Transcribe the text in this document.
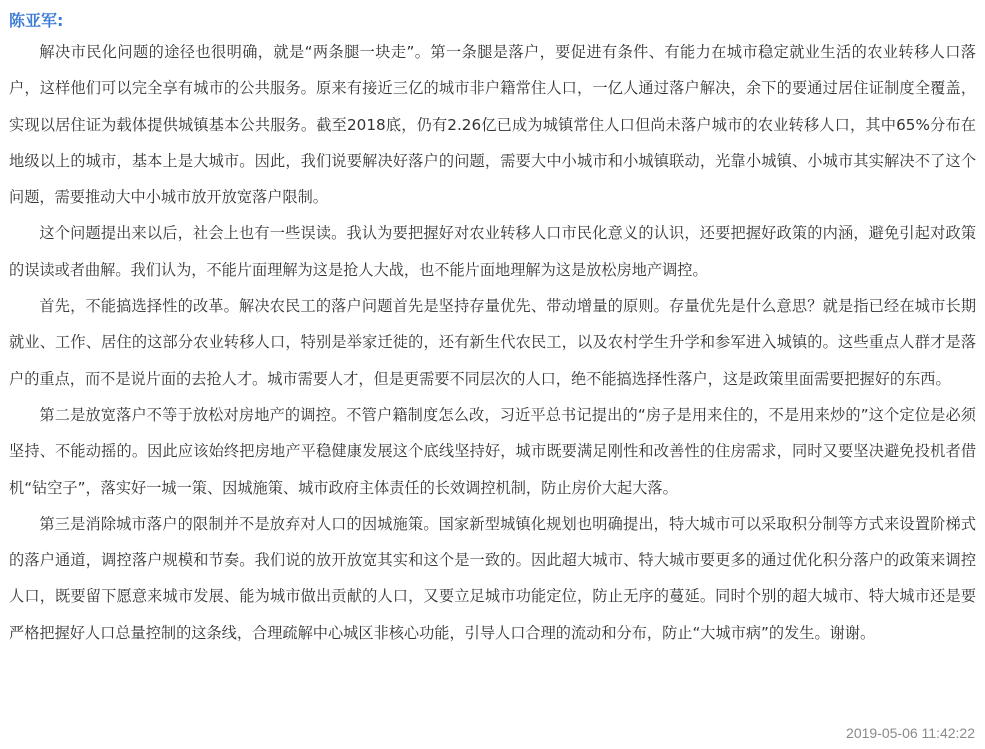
陈亚军:

解决市民化问题的途径也很明确，就是“两条腿一块走”。第一条腿是落户，要促进有条件、有能力在城市稳定就业生活的农业转移人口落户，这样他们可以完全享有城市的公共服务。原来有接近三亿的城市非户籍常住人口，一亿人通过落户解决，余下的要通过居住证制度全覆盖，实现以居住证为载体提供城镇基本公共服务。截至2018底，仍有2.26亿已成为城镇常住人口但尚未落户城市的农业转移人口，其中65%分布在地级以上的城市，基本上是大城市。因此，我们说要解决好落户的问题，需要大中小城市和小城镇联动，光靠小城镇、小城市其实解决不了这个问题，需要推动大中小城市放开放宽落户限制。

这个问题提出来以后，社会上也有一些误读。我认为要把握好对农业转移人口市民化意义的认识，还要把握好政策的内涵，避免引起对政策的误读或者曲解。我们认为，不能片面理解为这是抢人大战，也不能片面地理解为这是放松房地产调控。

首先，不能搞选择性的改革。解决农民工的落户问题首先是坚持存量优先、带动增量的原则。存量优先是什么意思？就是指已经在城市长期就业、工作、居住的这部分农业转移人口，特别是举家迁徙的，还有新生代农民工，以及农村学生升学和参军进入城镇的。这些重点人群才是落户的重点，而不是说片面的去抢人才。城市需要人才，但是更需要不同层次的人口，绝不能搞选择性落户，这是政策里面需要把握好的东西。

第二是放宽落户不等于放松对房地产的调控。不管户籍制度怎么改，习近平总书记提出的“房子是用来住的，不是用来炒的”这个定位是必须坚持、不能动摇的。因此应该始终把房地产平稳健康发展这个底线坚持好，城市既要满足刚性和改善性的住房需求，同时又要坚决避免投机者借机“钻空子”，落实好一城一策、因城施策、城市政府主体责任的长效调控机制，防止房价大起大落。

第三是消除城市落户的限制并不是放弃对人口的因城施策。国家新型城镇化规划也明确提出，特大城市可以采取积分制等方式来设置阶梯式的落户通道，调控落户规模和节奏。我们说的放开放宽其实和这个是一致的。因此超大城市、特大城市要更多的通过优化积分落户的政策来调控人口，既要留下愿意来城市发展、能为城市做出贡献的人口，又要立足城市功能定位，防止无序的蔓延。同时个别的超大城市、特大城市还是要严格把握好人口总量控制的这条线，合理疏解中心城区非核心功能，引导人口合理的流动和分布，防止“大城市病”的发生。谢谢。

2019-05-06 11:42:22
